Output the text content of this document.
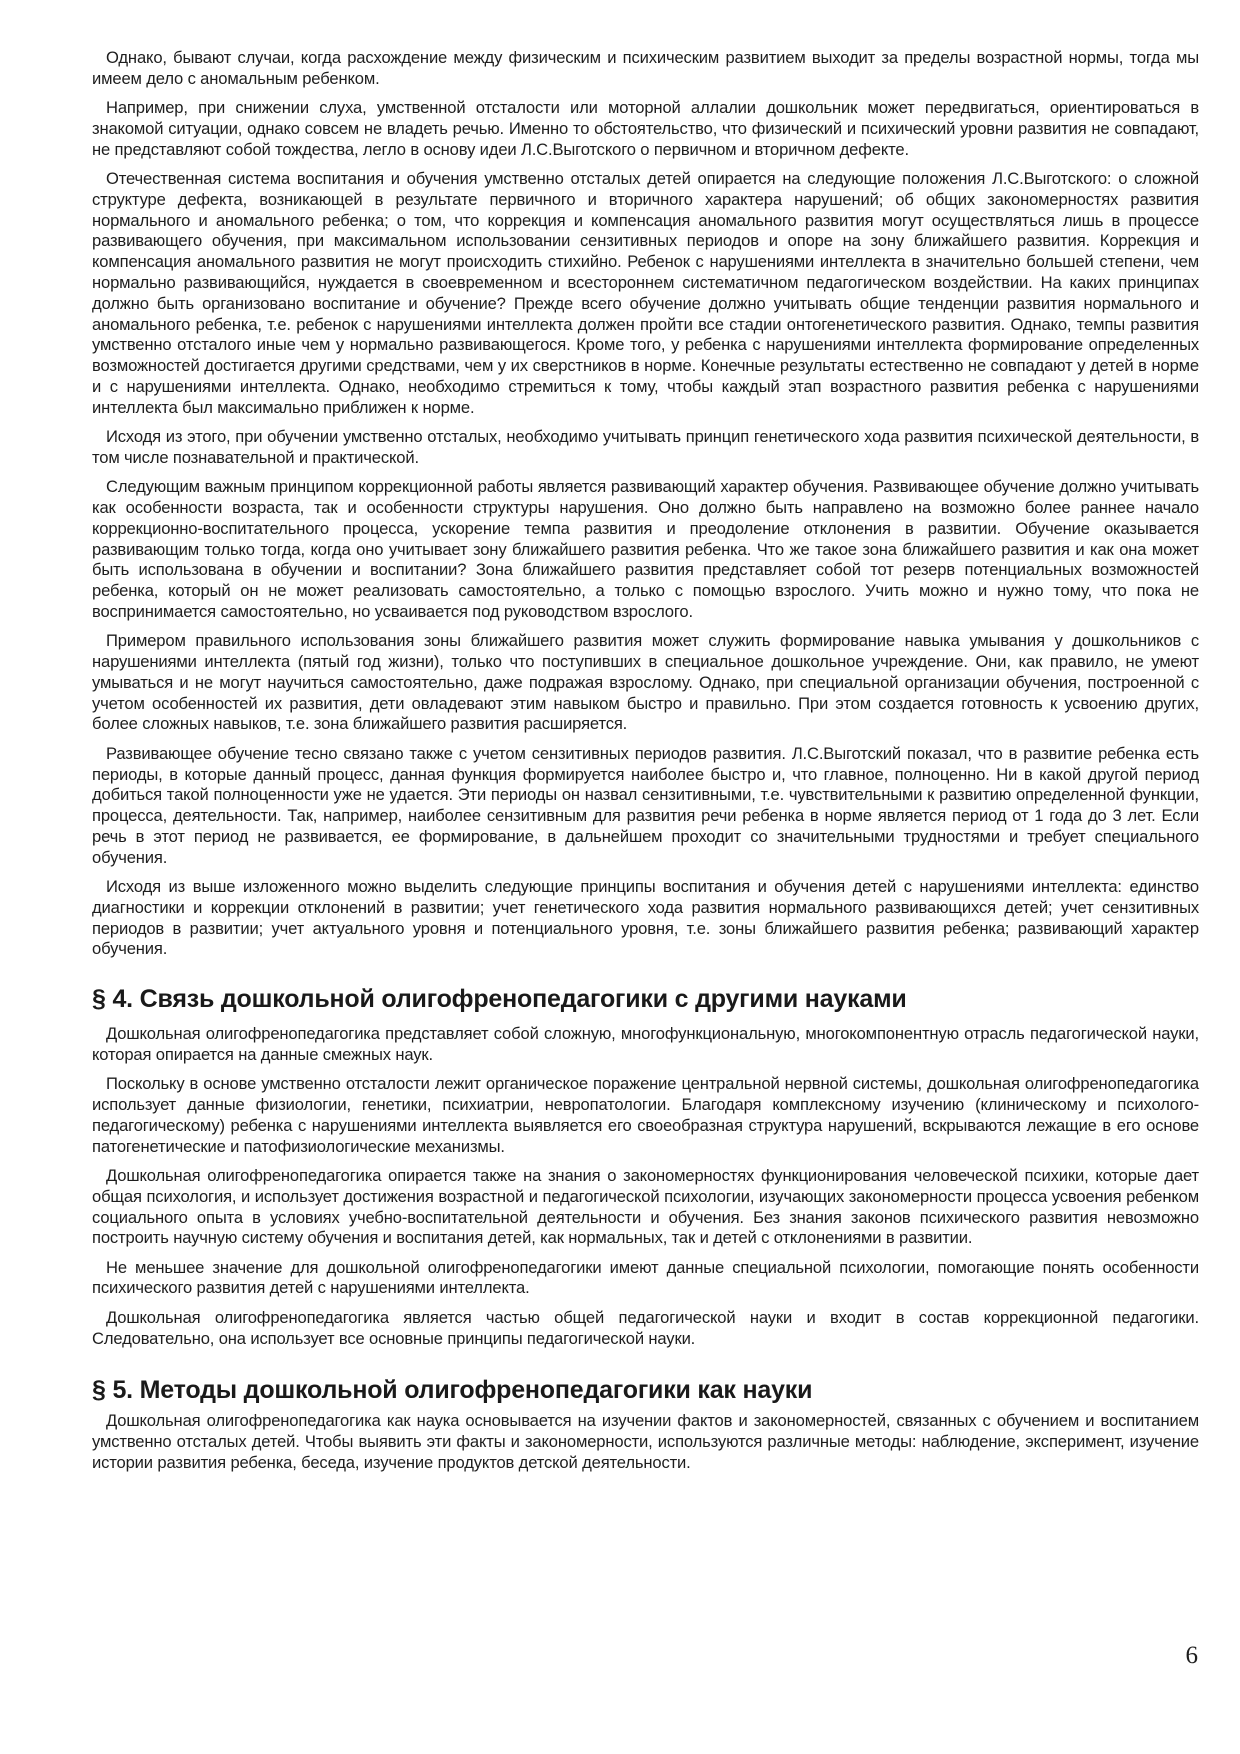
Однако, бывают случаи, когда расхождение между физическим и психическим развитием выходит за пределы возрастной нормы, тогда мы имеем дело с аномальным ребенком.

Например, при снижении слуха, умственной отсталости или моторной аллалии дошкольник может передвигаться, ориентироваться в знакомой ситуации, однако совсем не владеть речью. Именно то обстоятельство, что физический и психический уровни развития не совпадают, не представляют собой тождества, легло в основу идеи Л.С.Выготского о первичном и вторичном дефекте.

Отечественная система воспитания и обучения умственно отсталых детей опирается на следующие положения Л.С.Выготского: о сложной структуре дефекта, возникающей в результате первичного и вторичного характера нарушений; об общих закономерностях развития нормального и аномального ребенка; о том, что коррекция и компенсация аномального развития могут осуществляться лишь в процессе развивающего обучения, при максимальном использовании сензитивных периодов и опоре на зону ближайшего развития. Коррекция и компенсация аномального развития не могут происходить стихийно. Ребенок с нарушениями интеллекта в значительно большей степени, чем нормально развивающийся, нуждается в своевременном и всестороннем систематичном педагогическом воздействии. На каких принципах должно быть организовано воспитание и обучение? Прежде всего обучение должно учитывать общие тенденции развития нормального и аномального ребенка, т.е. ребенок с нарушениями интеллекта должен пройти все стадии онтогенетического развития. Однако, темпы развития умственно отсталого иные чем у нормально развивающегося. Кроме того, у ребенка с нарушениями интеллекта формирование определенных возможностей достигается другими средствами, чем у их сверстников в норме. Конечные результаты естественно не совпадают у детей в норме и с нарушениями интеллекта. Однако, необходимо стремиться к тому, чтобы каждый этап возрастного развития ребенка с нарушениями интеллекта был максимально приближен к норме.

Исходя из этого, при обучении умственно отсталых, необходимо учитывать принцип генетического хода развития психической деятельности, в том числе познавательной и практической.

Следующим важным принципом коррекционной работы является развивающий характер обучения. Развивающее обучение должно учитывать как особенности возраста, так и особенности структуры нарушения. Оно должно быть направлено на возможно более раннее начало коррекционно-воспитательного процесса, ускорение темпа развития и преодоление отклонения в развитии. Обучение оказывается развивающим только тогда, когда оно учитывает зону ближайшего развития ребенка. Что же такое зона ближайшего развития и как она может быть использована в обучении и воспитании? Зона ближайшего развития представляет собой тот резерв потенциальных возможностей ребенка, который он не может реализовать самостоятельно, а только с помощью взрослого. Учить можно и нужно тому, что пока не воспринимается самостоятельно, но усваивается под руководством взрослого.

Примером правильного использования зоны ближайшего развития может служить формирование навыка умывания у дошкольников с нарушениями интеллекта (пятый год жизни), только что поступивших в специальное дошкольное учреждение. Они, как правило, не умеют умываться и не могут научиться самостоятельно, даже подражая взрослому. Однако, при специальной организации обучения, построенной с учетом особенностей их развития, дети овладевают этим навыком быстро и правильно. При этом создается готовность к усвоению других, более сложных навыков, т.е. зона ближайшего развития расширяется.

Развивающее обучение тесно связано также с учетом сензитивных периодов развития. Л.С.Выготский показал, что в развитие ребенка есть периоды, в которые данный процесс, данная функция формируется наиболее быстро и, что главное, полноценно. Ни в какой другой период добиться такой полноценности уже не удается. Эти периоды он назвал сензитивными, т.е. чувствительными к развитию определенной функции, процесса, деятельности. Так, например, наиболее сензитивным для развития речи ребенка в норме является период от 1 года до 3 лет. Если речь в этот период не развивается, ее формирование, в дальнейшем проходит со значительными трудностями и требует специального обучения.

Исходя из выше изложенного можно выделить следующие принципы воспитания и обучения детей с нарушениями интеллекта: единство диагностики и коррекции отклонений в развитии; учет генетического хода развития нормального развивающихся детей; учет сензитивных периодов в развитии; учет актуального уровня и потенциального уровня, т.е. зоны ближайшего развития ребенка; развивающий характер обучения.

§ 4. Связь дошкольной олигофренопедагогики с другими науками

Дошкольная олигофренопедагогика представляет собой сложную, многофункциональную, многокомпонентную отрасль педагогической науки, которая опирается на данные смежных наук.

Поскольку в основе умственно отсталости лежит органическое поражение центральной нервной системы, дошкольная олигофренопедагогика использует данные физиологии, генетики, психиатрии, невропатологии. Благодаря комплексному изучению (клиническому и психолого-педагогическому) ребенка с нарушениями интеллекта выявляется его своеобразная структура нарушений, вскрываются лежащие в его основе патогенетические и патофизиологические механизмы.

Дошкольная олигофренопедагогика опирается также на знания о закономерностях функционирования человеческой психики, которые дает общая психология, и использует достижения возрастной и педагогической психологии, изучающих закономерности процесса усвоения ребенком социального опыта в условиях учебно-воспитательной деятельности и обучения. Без знания законов психического развития невозможно построить научную систему обучения и воспитания детей, как нормальных, так и детей с отклонениями в развитии.

Не меньшее значение для дошкольной олигофренопедагогики имеют данные специальной психологии, помогающие понять особенности психического развития детей с нарушениями интеллекта.

Дошкольная олигофренопедагогика является частью общей педагогической науки и входит в состав коррекционной педагогики. Следовательно, она использует все основные принципы педагогической науки.

§ 5. Методы дошкольной олигофренопедагогики как науки

Дошкольная олигофренопедагогика как наука основывается на изучении фактов и закономерностей, связанных с обучением и воспитанием умственно отсталых детей. Чтобы выявить эти факты и закономерности, используются различные методы: наблюдение, эксперимент, изучение истории развития ребенка, беседа, изучение продуктов детской деятельности.

6
